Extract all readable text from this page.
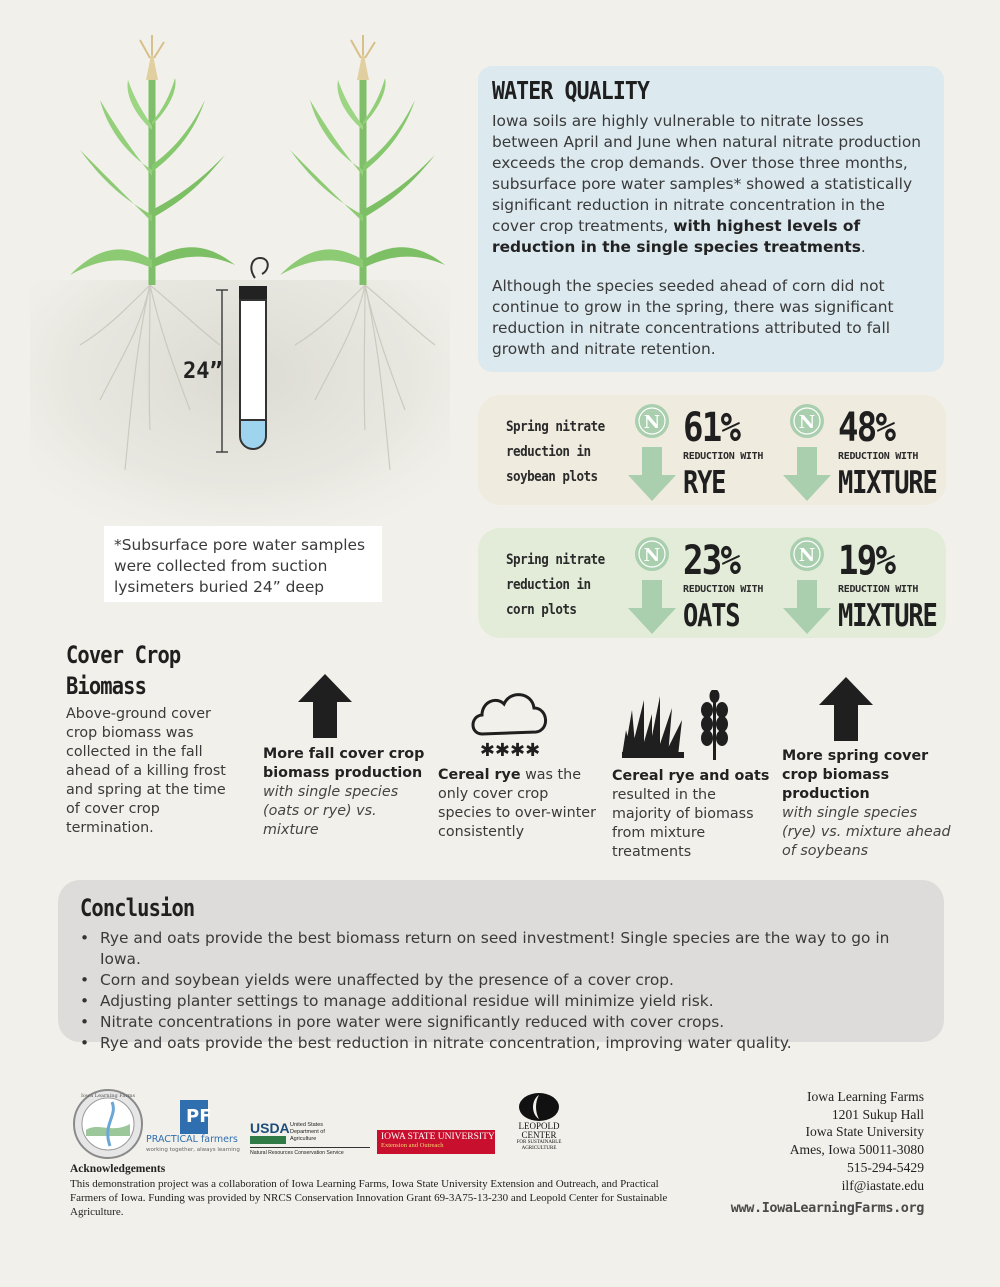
24”
WATER QUALITY

Iowa soils are highly vulnerable to nitrate losses between April and June when natural nitrate production exceeds the crop demands. Over those three months, subsurface pore water samples* showed a statistically significant reduction in nitrate concentration in the cover crop treatments, with highest levels of reduction in the single species treatments.

Although the species seeded ahead of corn did not continue to grow in the spring, there was significant reduction in nitrate concentrations attributed to fall growth and nitrate retention.

Spring nitrate reduction in soybean plots
N 61%
REDUCTION WITH
RYE
N 48%
REDUCTION WITH
MIXTURE
Spring nitrate reduction in corn plots
N 23%
REDUCTION WITH
OATS
N 19%
REDUCTION WITH
MIXTURE
*Subsurface pore water samples were collected from suction lysimeters buried 24” deep
Cover Crop Biomass
Above-ground cover crop biomass was collected in the fall ahead of a killing frost and spring at the time of cover crop termination.
More fall cover crop biomass production
with single species (oats or rye) vs. mixture
✱✱✱✱
Cereal rye was the only cover crop species to over-winter consistently
Cereal rye and oats resulted in the majority of biomass from mixture treatments
More spring cover crop biomass production
with single species (rye) vs. mixture ahead of soybeans
Conclusion
• Rye and oats provide the best biomass return on seed investment! Single species are the way to go in Iowa.
• Corn and soybean yields were unaffected by the presence of a cover crop.
• Adjusting planter settings to manage additional residue will minimize yield risk.
• Nitrate concentrations in pore water were significantly reduced with cover crops.
• Rye and oats provide the best reduction in nitrate concentration, improving water quality.
Iowa Learning Farms
PF
PRACTICAL farmers
working together, always learning
USDA United States
Department of
Agriculture
Natural Resources Conservation Service
IOWA STATE UNIVERSITY
Extension and Outreach
LEOPOLD
CENTER
FOR SUSTAINABLE
AGRICULTURE
Acknowledgements
This demonstration project was a collaboration of Iowa Learning Farms, Iowa State University Extension and Outreach, and Practical Farmers of Iowa. Funding was provided by NRCS Conservation Innovation Grant 69-3A75-13-230 and Leopold Center for Sustainable Agriculture.
Iowa Learning Farms
1201 Sukup Hall
Iowa State University
Ames, Iowa 50011-3080
515-294-5429
ilf@iastate.edu
www.IowaLearningFarms.org
